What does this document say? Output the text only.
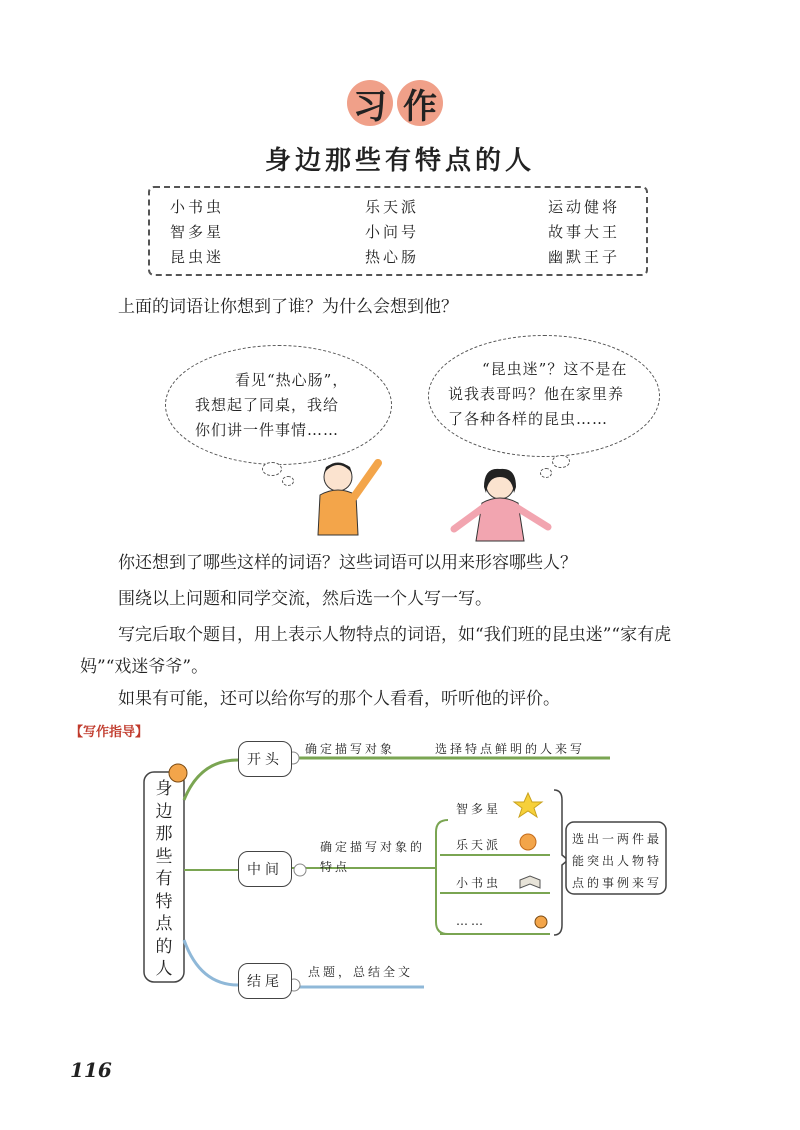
习 作
身边那些有特点的人
小书虫	乐天派	运动健将
智多星	小问号	故事大王
昆虫迷	热心肠	幽默王子
上面的词语让你想到了谁？为什么会想到他？
看见“热心肠”，
我想起了同桌，我给
你们讲一件事情……
“昆虫迷”？这不是在
说我表哥吗？他在家里养
了各种各样的昆虫……
你还想到了哪些这样的词语？这些词语可以用来形容哪些人？
围绕以上问题和同学交流，然后选一个人写一写。
写完后取个题目，用上表示人物特点的词语，如“我们班的昆虫迷”“家有虎
妈”“戏迷爷爷”。
如果有可能，还可以给你写的那个人看看，听听他的评价。
【写作指导】
身
边
那
些
有
特
点
的
人
开头
确定描写对象	选择特点鲜明的人来写
中间
确定描写对象的
特点
智多星
乐天派
小书虫
……
选出一两件最
能突出人物特
点的事例来写
结尾
点题，总结全文
116
